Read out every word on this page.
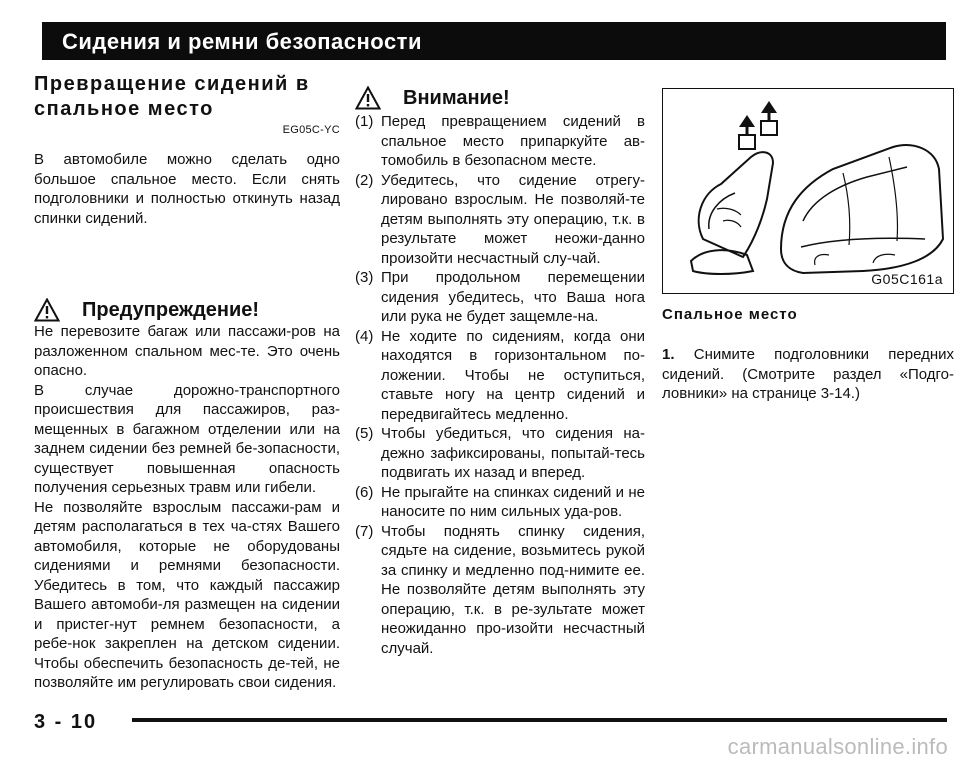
Сидения и ремни безопасности
Превращение сидений в спальное место
EG05C-YC
В автомобиле можно сделать одно большое спальное место. Если снять подголовники и полностью откинуть назад спинки сидений.
Предупреждение!
Не перевозите багаж или пассажи-ров на разложенном спальном мес-те. Это очень опасно.
В случае дорожно-транспортного происшествия для пассажиров, раз-мещенных в багажном отделении или на заднем сидении без ремней бе-зопасности, существует повышенная опасность получения серьезных травм или гибели.
Не позволяйте взрослым пассажи-рам и детям располагаться в тех ча-стях Вашего автомобиля, которые не оборудованы сидениями и ремнями безопасности. Убедитесь в том, что каждый пассажир Вашего автомоби-ля размещен на сидении и пристег-нут ремнем безопасности, а ребе-нок закреплен на детском сидении. Чтобы обеспечить безопасность де-тей, не позволяйте им регулировать свои сидения.
Внимание!
(1) Перед превращением сидений в спальное место припаркуйте ав-томобиль в безопасном месте.
(2) Убедитесь, что сидение отрегу-лировано взрослым. Не позволяй-те детям выполнять эту операцию, т.к. в результате может неожи-данно произойти несчастный слу-чай.
(3) При продольном перемещении сидения убедитесь, что Ваша нога или рука не будет защемле-на.
(4) Не ходите по сидениям, когда они находятся в горизонтальном по-ложении. Чтобы не оступиться, ставьте ногу на центр сидений и передвигайтесь медленно.
(5) Чтобы убедиться, что сидения на-дежно зафиксированы, попытай-тесь подвигать их назад и вперед.
(6) Не прыгайте на спинках сидений и не наносите по ним сильных уда-ров.
(7) Чтобы поднять спинку сидения, сядьте на сидение, возьмитесь рукой за спинку и медленно под-нимите ее. Не позволяйте детям выполнять эту операцию, т.к. в ре-зультате может неожиданно про-изойти несчастный случай.
G05C161a
Спальное место
1. Снимите подголовники передних сидений. (Смотрите раздел «Подго-ловники» на странице 3-14.)
3 - 10
carmanualsonline.info
